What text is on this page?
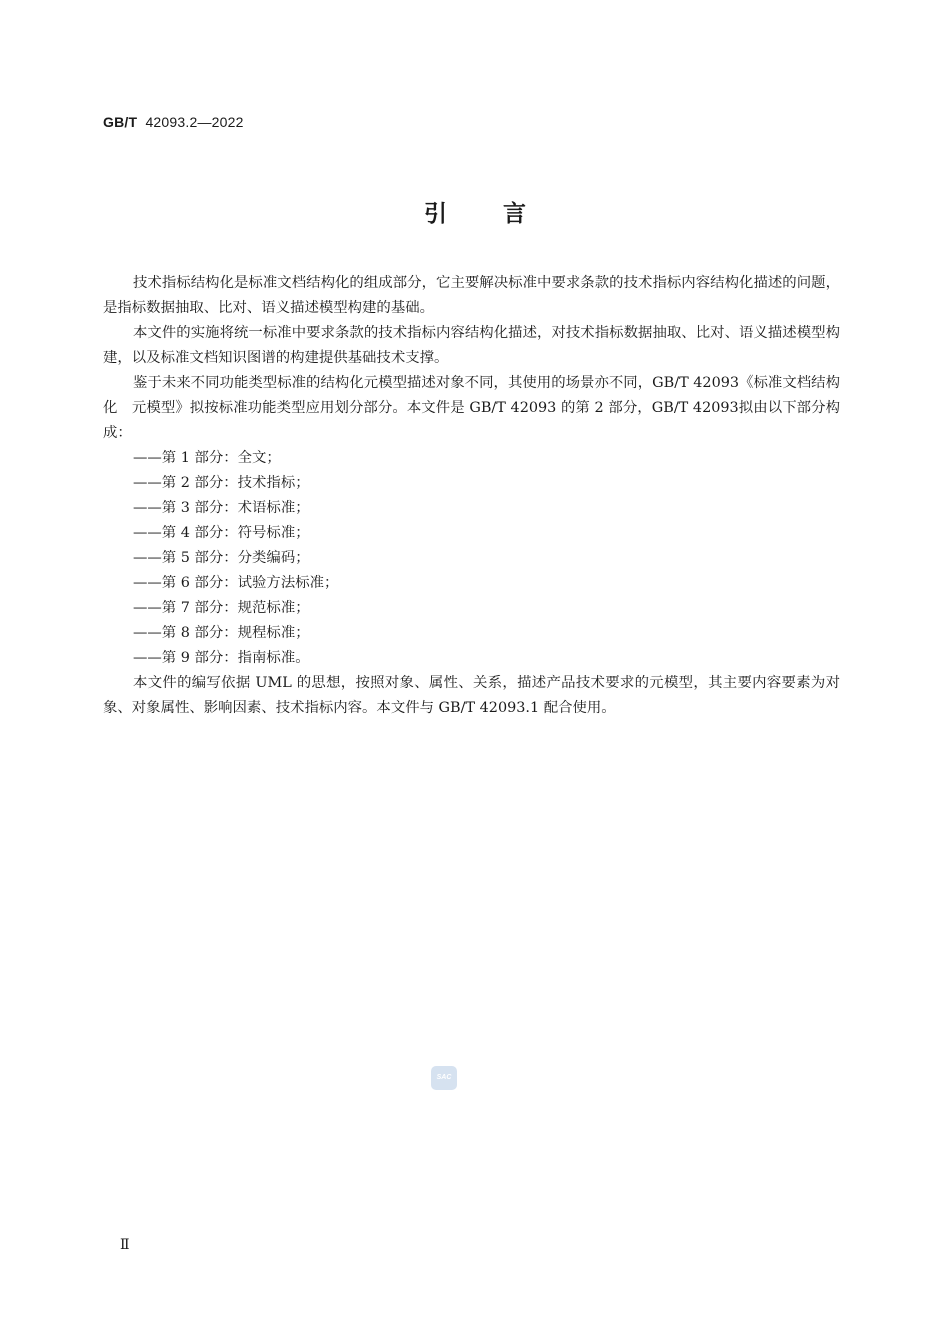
GB/T 42093.2—2022
引言

技术指标结构化是标准文档结构化的组成部分，它主要解决标准中要求条款的技术指标内容结构化描述的问题，是指标数据抽取、比对、语义描述模型构建的基础。

本文件的实施将统一标准中要求条款的技术指标内容结构化描述，对技术指标数据抽取、比对、语义描述模型构建，以及标准文档知识图谱的构建提供基础技术支撑。

鉴于未来不同功能类型标准的结构化元模型描述对象不同，其使用的场景亦不同，GB/T 42093《标准文档结构化　元模型》拟按标准功能类型应用划分部分。本文件是 GB/T 42093 的第 2 部分，GB/T 42093拟由以下部分构成：

——第 1 部分：全文；
——第 2 部分：技术指标；
——第 3 部分：术语标准；
——第 4 部分：符号标准；
——第 5 部分：分类编码；
——第 6 部分：试验方法标准；
——第 7 部分：规范标准；
——第 8 部分：规程标准；
——第 9 部分：指南标准。

本文件的编写依据 UML 的思想，按照对象、属性、关系，描述产品技术要求的元模型，其主要内容要素为对象、对象属性、影响因素、技术指标内容。本文件与 GB/T 42093.1 配合使用。

SAC
Ⅱ
